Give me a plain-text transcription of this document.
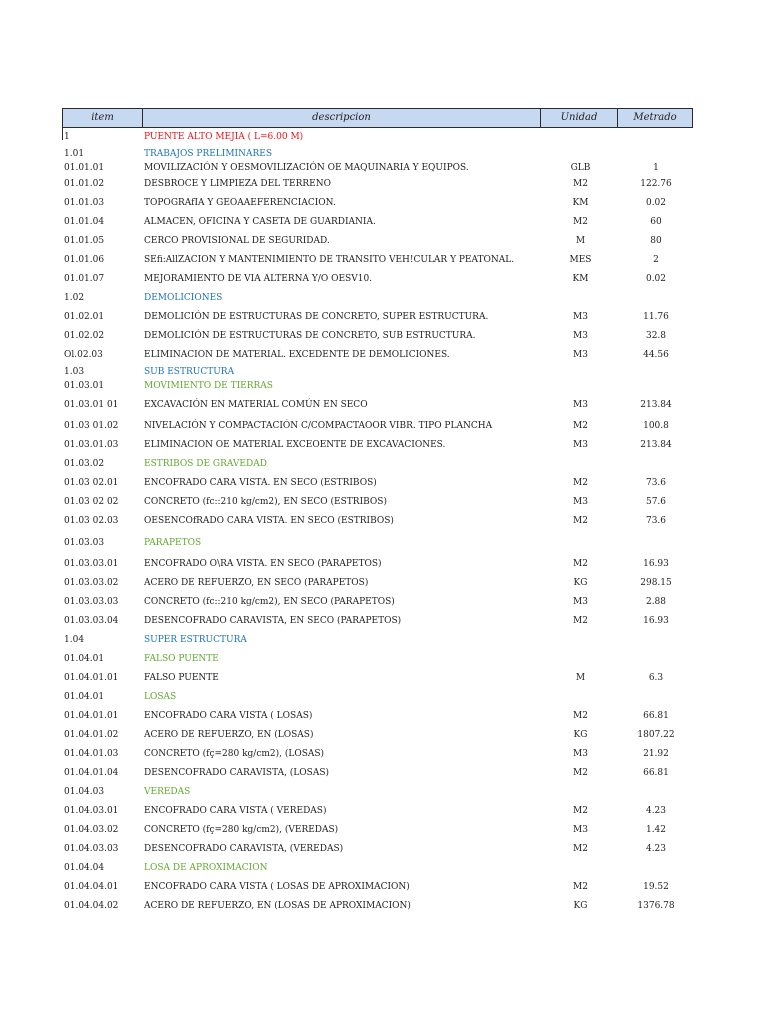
item	descripcion	Unidad	Metrado
1	PUENTE ALTO MEJIA ( L=6.00 M)
1.01	TRABAJOS PRELIMINARES
01.01.01	MOVILIZACIÓN Y OESMOVILIZACIÓN OE MAQUINARIA Y EQUIPOS.	GLB	1
01.01.02	DESBROCE Y LIMPIEZA DEL TERRENO	M2	122.76
01.01.03	TOPOGRAfIA Y GEOAAEFERENCIACION.	KM	0.02
01.01.04	ALMACEN, OFICINA Y CASETA DE GUARDIANIA.	M2	60
01.01.05	CERCO PROVISIONAL DE SEGURIDAD.	M	80
01.01.06	SEfi:AllZACION Y MANTENIMIENTO DE TRANSITO VEH!CULAR Y PEATONAL.	MES	2
01.01.07	MEJORAMIENTO DE VIA ALTERNA Y/O OESV10.	KM	0.02
1.02	DEMOLICIONES
01.02.01	DEMOLICIÓN DE ESTRUCTURAS DE CONCRETO, SUPER ESTRUCTURA.	M3	11.76
01.02.02	DEMOLICIÓN DE ESTRUCTURAS DE CONCRETO, SUB ESTRUCTURA.	M3	32.8
Ol.02.03	ELIMINACION DE MATERIAL. EXCEDENTE DE DEMOLICIONES.	M3	44.56
1.03	SUB ESTRUCTURA
01.03.01	MOVIMIENTO DE TIERRAS
01.03.01 01	EXCAVACIÓN EN MATERIAL COMÚN EN SECO	M3	213.84
01.03 01.02	NIVELACIÓN Y COMPACTACIÓN C/COMPACTAOOR VIBR. TIPO PLANCHA	M2	100.8
01.03.01.03	ELIMINACION OE MATERIAL EXCEOENTE DE EXCAVACIONES.	M3	213.84
01.03.02	ESTRIBOS DE GRAVEDAD
01.03 02.01	ENCOFRADO CARA VISTA. EN SECO (ESTRIBOS)	M2	73.6
01.03 02 02	CONCRETO (fc::210 kg/cm2), EN SECO (ESTRIBOS)	M3	57.6
01.03 02.03	OESENCOfRADO CARA VISTA. EN SECO (ESTRIBOS)	M2	73.6
01.03.03	PARAPETOS
01.03.03.01	ENCOFRADO O\RA VISTA. EN SECO (PARAPETOS)	M2	16.93
01.03.03.02	ACERO DE REFUERZO, EN SECO (PARAPETOS)	KG	298.15
01.03.03.03	CONCRETO (fc::210 kg/cm2), EN SECO (PARAPETOS)	M3	2.88
01.03.03.04	DESENCOFRADO CARAVISTA, EN SECO (PARAPETOS)	M2	16.93
1.04	SUPER ESTRUCTURA
01.04.01	FALSO PUENTE
01.04.01.01	FALSO PUENTE	M	6.3
01.04.01	LOSAS
01.04.01.01	ENCOFRADO CARA VISTA ( LOSAS)	M2	66.81
01.04.01.02	ACERO DE REFUERZO, EN (LOSAS)	KG	1807.22
01.04.01.03	CONCRETO (fç=280 kg/cm2), (LOSAS)	M3	21.92
01.04.01.04	DESENCOFRADO CARAVISTA, (LOSAS)	M2	66.81
01.04.03	VEREDAS
01.04.03.01	ENCOFRADO CARA VISTA ( VEREDAS)	M2	4.23
01.04.03.02	CONCRETO (fç=280 kg/cm2), (VEREDAS)	M3	1.42
01.04.03.03	DESENCOFRADO CARAVISTA, (VEREDAS)	M2	4.23
01.04.04	LOSA DE APROXIMACION
01.04.04.01	ENCOFRADO CARA VISTA ( LOSAS DE APROXIMACION)	M2	19.52
01.04.04.02	ACERO DE REFUERZO, EN (LOSAS DE APROXIMACION)	KG	1376.78
